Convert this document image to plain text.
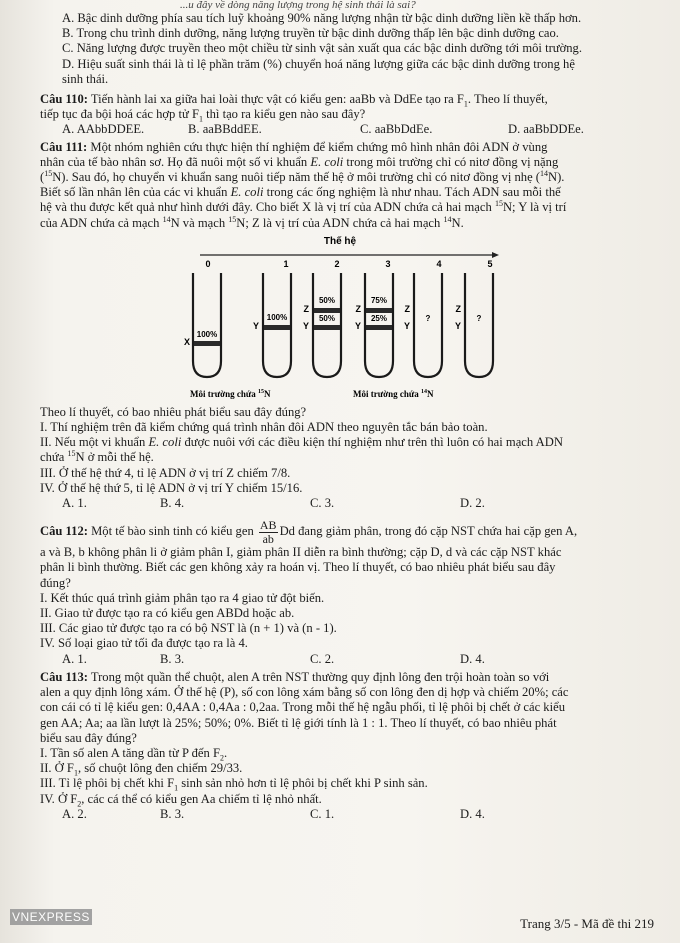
...u đây về dòng năng lượng trong hệ sinh thái là sai?
A. Bậc dinh dưỡng phía sau tích luỹ khoảng 90% năng lượng nhận từ bậc dinh dưỡng liền kề thấp hơn.
B. Trong chu trình dinh dưỡng, năng lượng truyền từ bậc dinh dưỡng thấp lên bậc dinh dưỡng cao.
C. Năng lượng được truyền theo một chiều từ sinh vật sản xuất qua các bậc dinh dưỡng tới môi trường.
D. Hiệu suất sinh thái là tỉ lệ phần trăm (%) chuyển hoá năng lượng giữa các bậc dinh dưỡng trong hệ
sinh thái.
Câu 110: Tiến hành lai xa giữa hai loài thực vật có kiểu gen: aaBb và DdEe tạo ra $F_1$. Theo lí thuyết,
tiếp tục đa bội hoá các hợp tử $F_1$ thì tạo ra kiểu gen nào sau đây?
A. AAbbDDEE.	B. aaBBddEE.	C. aaBbDdEe.	D. aaBbDDEe.
Câu 111: Một nhóm nghiên cứu thực hiện thí nghiệm để kiểm chứng mô hình nhân đôi ADN ở vùng
nhân của tế bào nhân sơ. Họ đã nuôi một số vi khuẩn E. coli trong môi trường chỉ có nitơ đồng vị nặng
($^{15}$N). Sau đó, họ chuyển vi khuẩn sang nuôi tiếp năm thế hệ ở môi trường chỉ có nitơ đồng vị nhẹ ($^{14}$N).
Biết số lần nhân lên của các vi khuẩn E. coli trong các ống nghiệm là như nhau. Tách ADN sau mỗi thế
hệ và thu được kết quả như hình dưới đây. Cho biết X là vị trí của ADN chứa cả hai mạch $^{15}$N; Y là vị trí
của ADN chứa cả mạch $^{14}$N và mạch $^{15}$N; Z là vị trí của ADN chứa cả hai mạch $^{14}$N.
Thế hệ
0	1	2	3	4	5
X
100%
Y
100%
Z
Y
50%
50%
Z
Y
75%
25%
Z
Y
?
Z
Y
?
Môi trường chứa $^{15}$N	Môi trường chứa $^{14}$N
Theo lí thuyết, có bao nhiêu phát biểu sau đây đúng?
I. Thí nghiệm trên đã kiểm chứng quá trình nhân đôi ADN theo nguyên tắc bán bảo toàn.
II. Nếu một vi khuẩn E. coli được nuôi với các điều kiện thí nghiệm như trên thì luôn có hai mạch ADN
chứa $^{15}$N ở mỗi thế hệ.
III. Ở thế hệ thứ 4, tỉ lệ ADN ở vị trí Z chiếm 7/8.
IV. Ở thế hệ thứ 5, tỉ lệ ADN ở vị trí Y chiếm 15/16.
A. 1.	B. 4.	C. 3.	D. 2.
Câu 112: Một tế bào sinh tinh có kiểu gen $\frac{AB}{ab}$ Dd đang giảm phân, trong đó cặp NST chứa hai cặp gen A,
a và B, b không phân li ở giảm phân I, giảm phân II diễn ra bình thường; cặp D, d và các cặp NST khác
phân li bình thường. Biết các gen không xảy ra hoán vị. Theo lí thuyết, có bao nhiêu phát biểu sau đây
đúng?
I. Kết thúc quá trình giảm phân tạo ra 4 giao tử đột biến.
II. Giao tử được tạo ra có kiểu gen ABDd hoặc ab.
III. Các giao tử được tạo ra có bộ NST là (n + 1) và (n - 1).
IV. Số loại giao tử tối đa được tạo ra là 4.
A. 1.	B. 3.	C. 2.	D. 4.
Câu 113: Trong một quần thể chuột, alen A trên NST thường quy định lông đen trội hoàn toàn so với
alen a quy định lông xám. Ở thế hệ (P), số con lông xám bằng số con lông đen dị hợp và chiếm 20%; các
con cái có tỉ lệ kiểu gen: 0,4AA : 0,4Aa : 0,2aa. Trong mỗi thế hệ ngẫu phối, tỉ lệ phôi bị chết ở các kiểu
gen AA; Aa; aa lần lượt là 25%; 50%; 0%. Biết tỉ lệ giới tính là 1 : 1. Theo lí thuyết, có bao nhiêu phát
biểu sau đây đúng?
I. Tần số alen A tăng dần từ P đến $F_2$.
II. Ở $F_1$, số chuột lông đen chiếm 29/33.
III. Tỉ lệ phôi bị chết khi $F_1$ sinh sản nhỏ hơn tỉ lệ phôi bị chết khi P sinh sản.
IV. Ở $F_2$, các cá thể có kiểu gen Aa chiếm tỉ lệ nhỏ nhất.
A. 2.	B. 3.	C. 1.	D. 4.
VNEXPRESS	Trang 3/5 - Mã đề thi 219
